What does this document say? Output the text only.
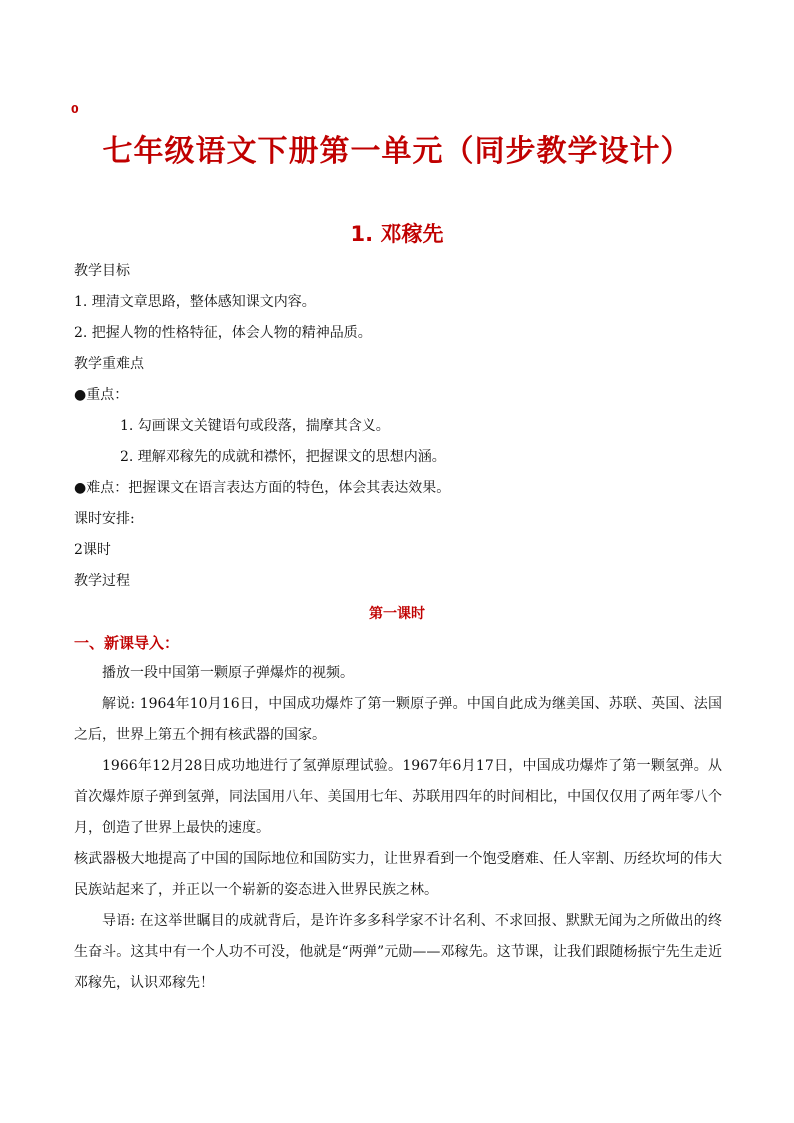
0
七年级语文下册第一单元（同步教学设计）
1. 邓稼先
教学目标
1. 理清文章思路，整体感知课文内容。
2. 把握人物的性格特征，体会人物的精神品质。
教学重难点
●重点：
1. 勾画课文关键语句或段落，揣摩其含义。
2. 理解邓稼先的成就和襟怀，把握课文的思想内涵。
●难点：把握课文在语言表达方面的特色，体会其表达效果。
课时安排:
2课时
教学过程
第一课时
一、新课导入：
播放一段中国第一颗原子弹爆炸的视频。
解说: 1964年10月16日，中国成功爆炸了第一颗原子弹。中国自此成为继美国、苏联、英国、法国之后，世界上第五个拥有核武器的国家。
1966年12月28日成功地进行了氢弹原理试验。1967年6月17日，中国成功爆炸了第一颗氢弹。从首次爆炸原子弹到氢弹，同法国用八年、美国用七年、苏联用四年的时间相比，中国仅仅用了两年零八个月，创造了世界上最快的速度。
核武器极大地提高了中国的国际地位和国防实力，让世界看到一个饱受磨难、任人宰割、历经坎坷的伟大民族站起来了，并正以一个崭新的姿态进入世界民族之林。
导语: 在这举世瞩目的成就背后，是许许多多科学家不计名利、不求回报、默默无闻为之所做出的终生奋斗。这其中有一个人功不可没，他就是“两弹”元勋——邓稼先。这节课，让我们跟随杨振宁先生走近邓稼先，认识邓稼先！
